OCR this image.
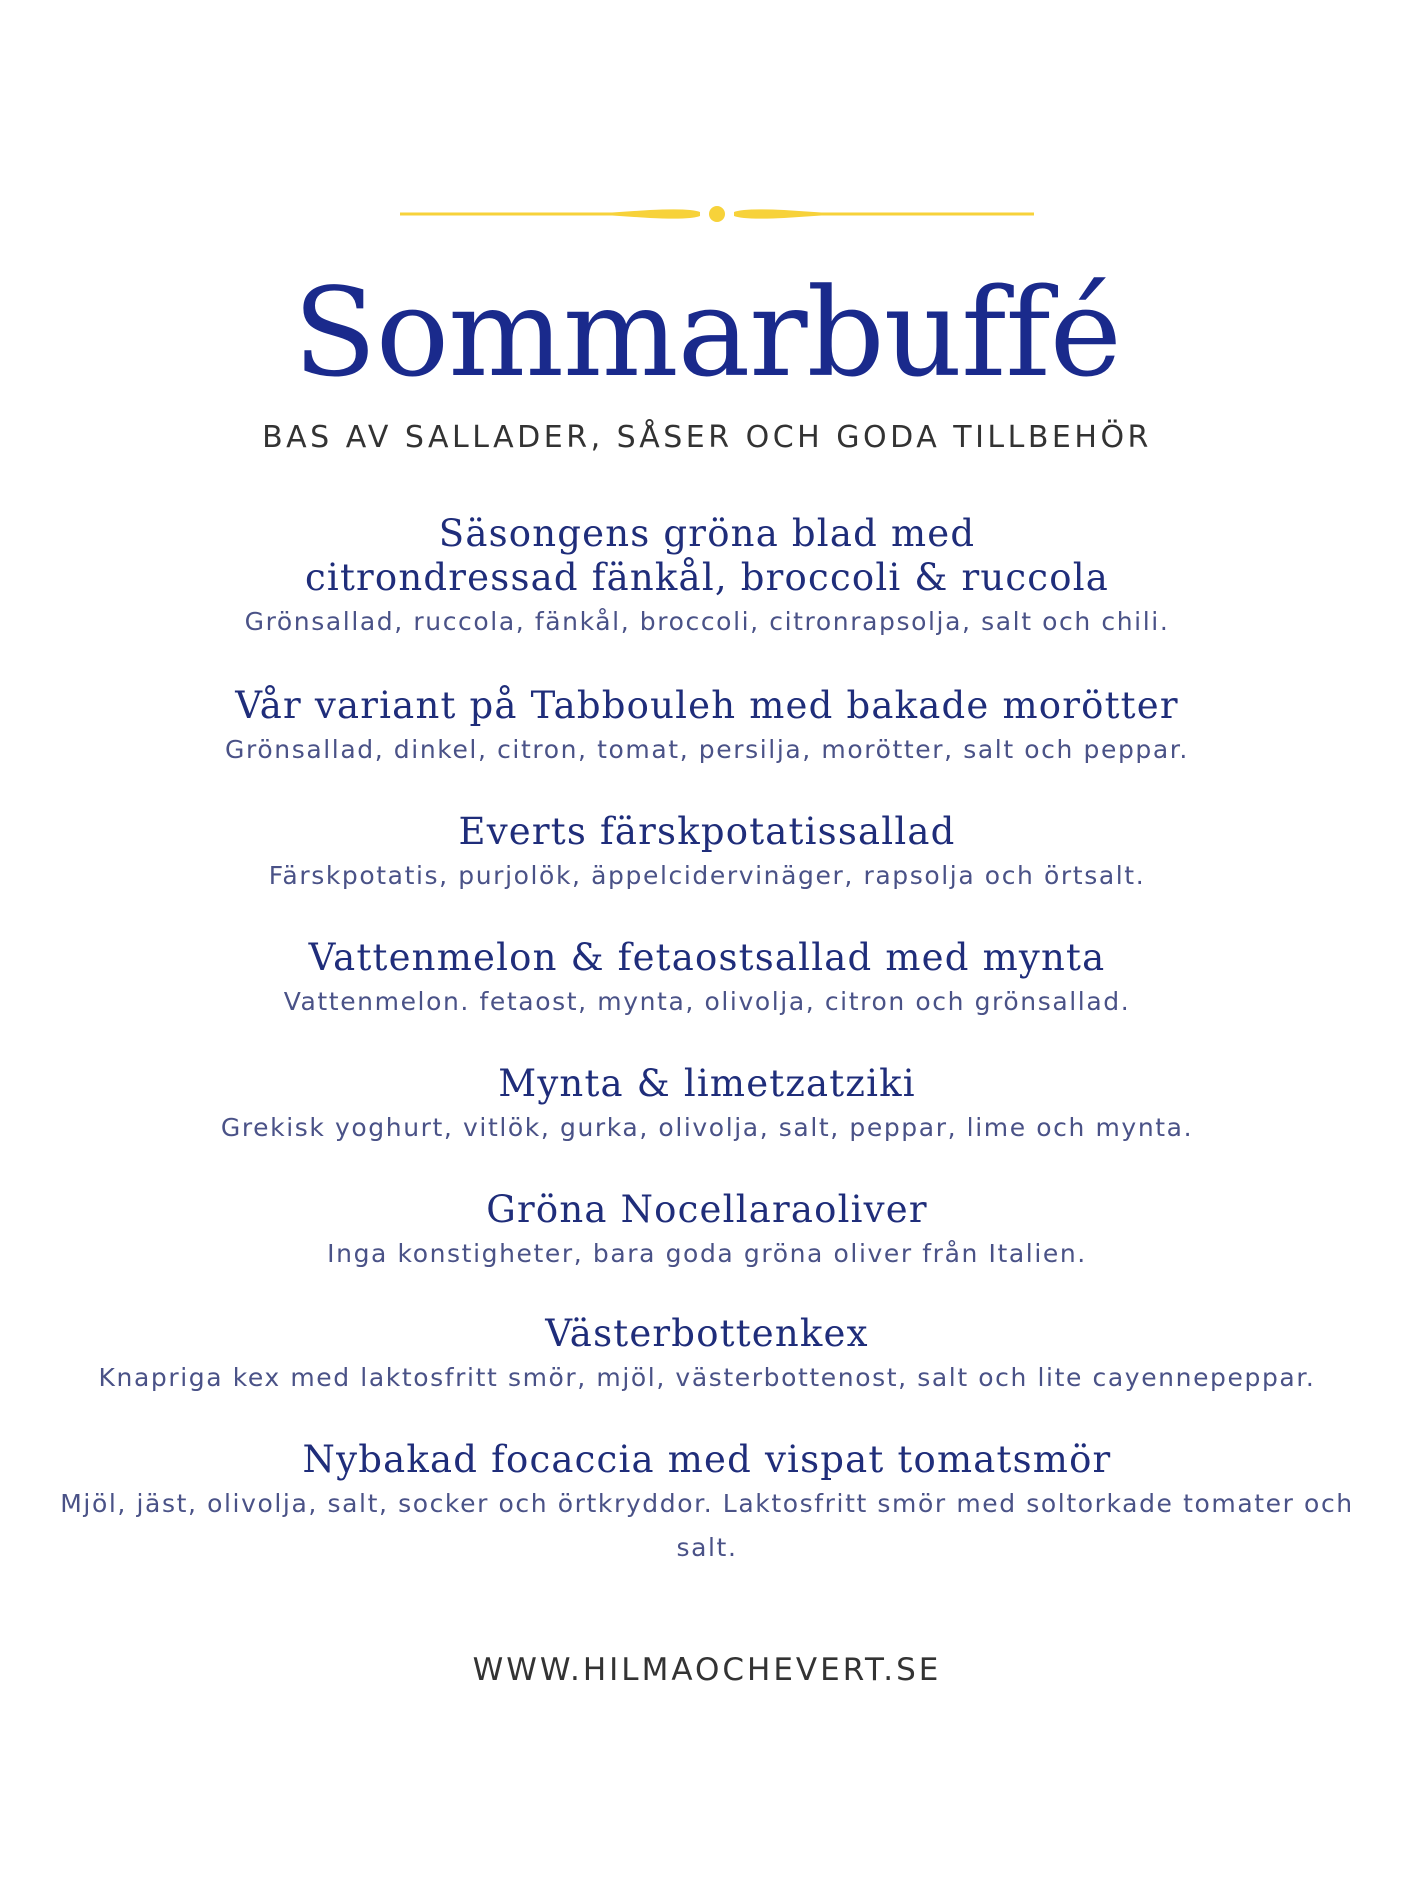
Sommarbuffé

BAS AV SALLADER, SÅSER OCH GODA TILLBEHÖR

Säsongens gröna blad med

citrondressad fänkål, broccoli & ruccola

Grönsallad, ruccola, fänkål, broccoli, citronrapsolja, salt och chili.

Vår variant på Tabbouleh med bakade morötter

Grönsallad, dinkel, citron, tomat, persilja, morötter, salt och peppar.

Everts färskpotatissallad

Färskpotatis, purjolök, äppelcidervinäger, rapsolja och örtsalt.

Vattenmelon & fetaostsallad med mynta

Vattenmelon. fetaost, mynta, olivolja, citron och grönsallad.

Mynta & limetzatziki

Grekisk yoghurt, vitlök, gurka, olivolja, salt, peppar, lime och mynta.

Gröna Nocellaraoliver

Inga konstigheter, bara goda gröna oliver från Italien.

Västerbottenkex

Knapriga kex med laktosfritt smör, mjöl, västerbottenost, salt och lite cayennepeppar.

Nybakad focaccia med vispat tomatsmör

Mjöl, jäst, olivolja, salt, socker och örtkryddor. Laktosfritt smör med soltorkade tomater och salt.

WWW.HILMAOCHEVERT.SE
